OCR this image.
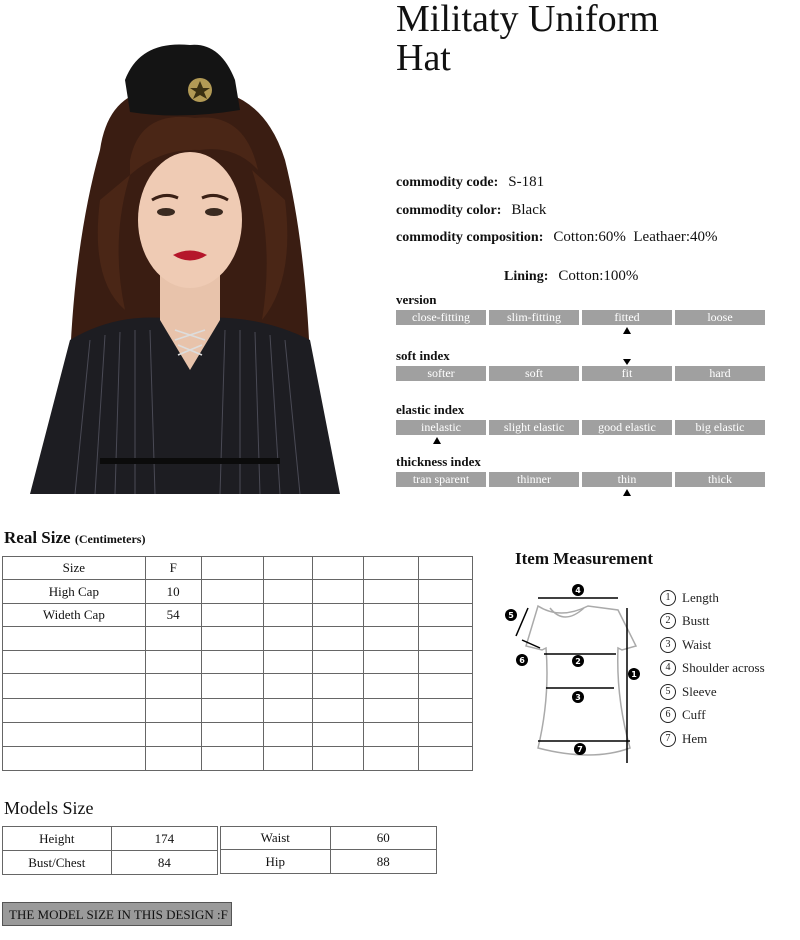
Militaty Uniform
Hat
commodity code: S-181
commodity color: Black
commodity composition: Cotton:60%  Leathaer:40%
Lining: Cotton:100%
version
close-fitting	slim-fitting	fitted	loose
soft index
softer	soft	fit	hard
elastic index
inelastic	slight elastic	good elastic	big elastic
thickness index
tran sparent	thinner	thin	thick
Real Size (Centimeters)
Size	F					
High Cap	10					
Wideth Cap	54					

Item Measurement
4
1
2
3
7
5
6
1 Length
2 Bustt
3 Waist
4 Shoulder across
5 Sleeve
6 Cuff
7 Hem
Models Size
Height	174
Bust/Chest	84
Waist	60
Hip	88
THE MODEL SIZE IN THIS DESIGN :F
